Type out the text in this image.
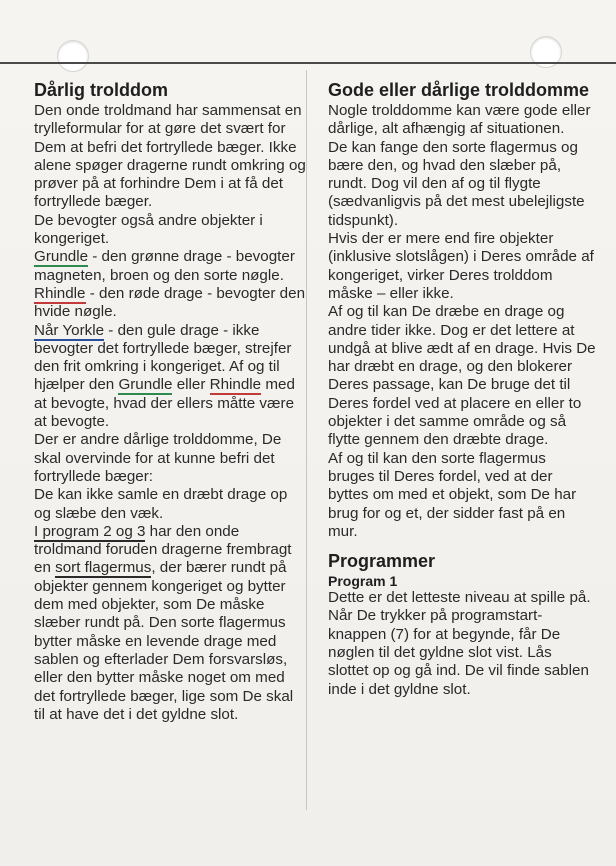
Dårlig trolddom

Den onde troldmand har sammensat en trylleformular for at gøre det svært for Dem at befri det fortryllede bæger. Ikke alene spøger dragerne rundt omkring og prøver på at forhindre Dem i at få det fortryllede bæger.

De bevogter også andre objekter i kongeriget.

Grundle - den grønne drage - bevogter magneten, broen og den sorte nøgle.

Rhindle - den røde drage - bevogter den hvide nøgle.

Når Yorkle - den gule drage - ikke bevogter det fortryllede bæger, strejfer den frit omkring i kongeriget. Af og til hjælper den Grundle eller Rhindle med at bevogte, hvad der ellers måtte være at bevogte.

Der er andre dårlige trolddomme, De skal overvinde for at kunne befri det fortryllede bæger:

De kan ikke samle en dræbt drage op og slæbe den væk.

I program 2 og 3 har den onde troldmand foruden dragerne frembragt en sort flagermus, der bærer rundt på objekter gennem kongeriget og bytter dem med objekter, som De måske slæber rundt på. Den sorte flagermus bytter måske en levende drage med sablen og efterlader Dem forsvarsløs, eller den bytter måske noget om med det fortryllede bæger, lige som De skal til at have det i det gyldne slot.

Gode eller dårlige trolddomme

Nogle trolddomme kan være gode eller dårlige, alt afhængig af situationen.

De kan fange den sorte flagermus og bære den, og hvad den slæber på, rundt. Dog vil den af og til flygte (sædvanligvis på det mest ubelejligste tidspunkt).

Hvis der er mere end fire objekter (inklusive slotslågen) i Deres område af kongeriget, virker Deres trolddom måske – eller ikke.

Af og til kan De dræbe en drage og andre tider ikke. Dog er det lettere at undgå at blive ædt af en drage. Hvis De har dræbt en drage, og den blokerer Deres passage, kan De bruge det til Deres fordel ved at placere en eller to objekter i det samme område og så flytte gennem den dræbte drage.

Af og til kan den sorte flagermus bruges til Deres fordel, ved at der byttes om med et objekt, som De har brug for og et, der sidder fast på en mur.

Programmer
Program 1

Dette er det letteste niveau at spille på. Når De trykker på programstart-knappen (7) for at begynde, får De nøglen til det gyldne slot vist. Lås slottet op og gå ind. De vil finde sablen inde i det gyldne slot.
